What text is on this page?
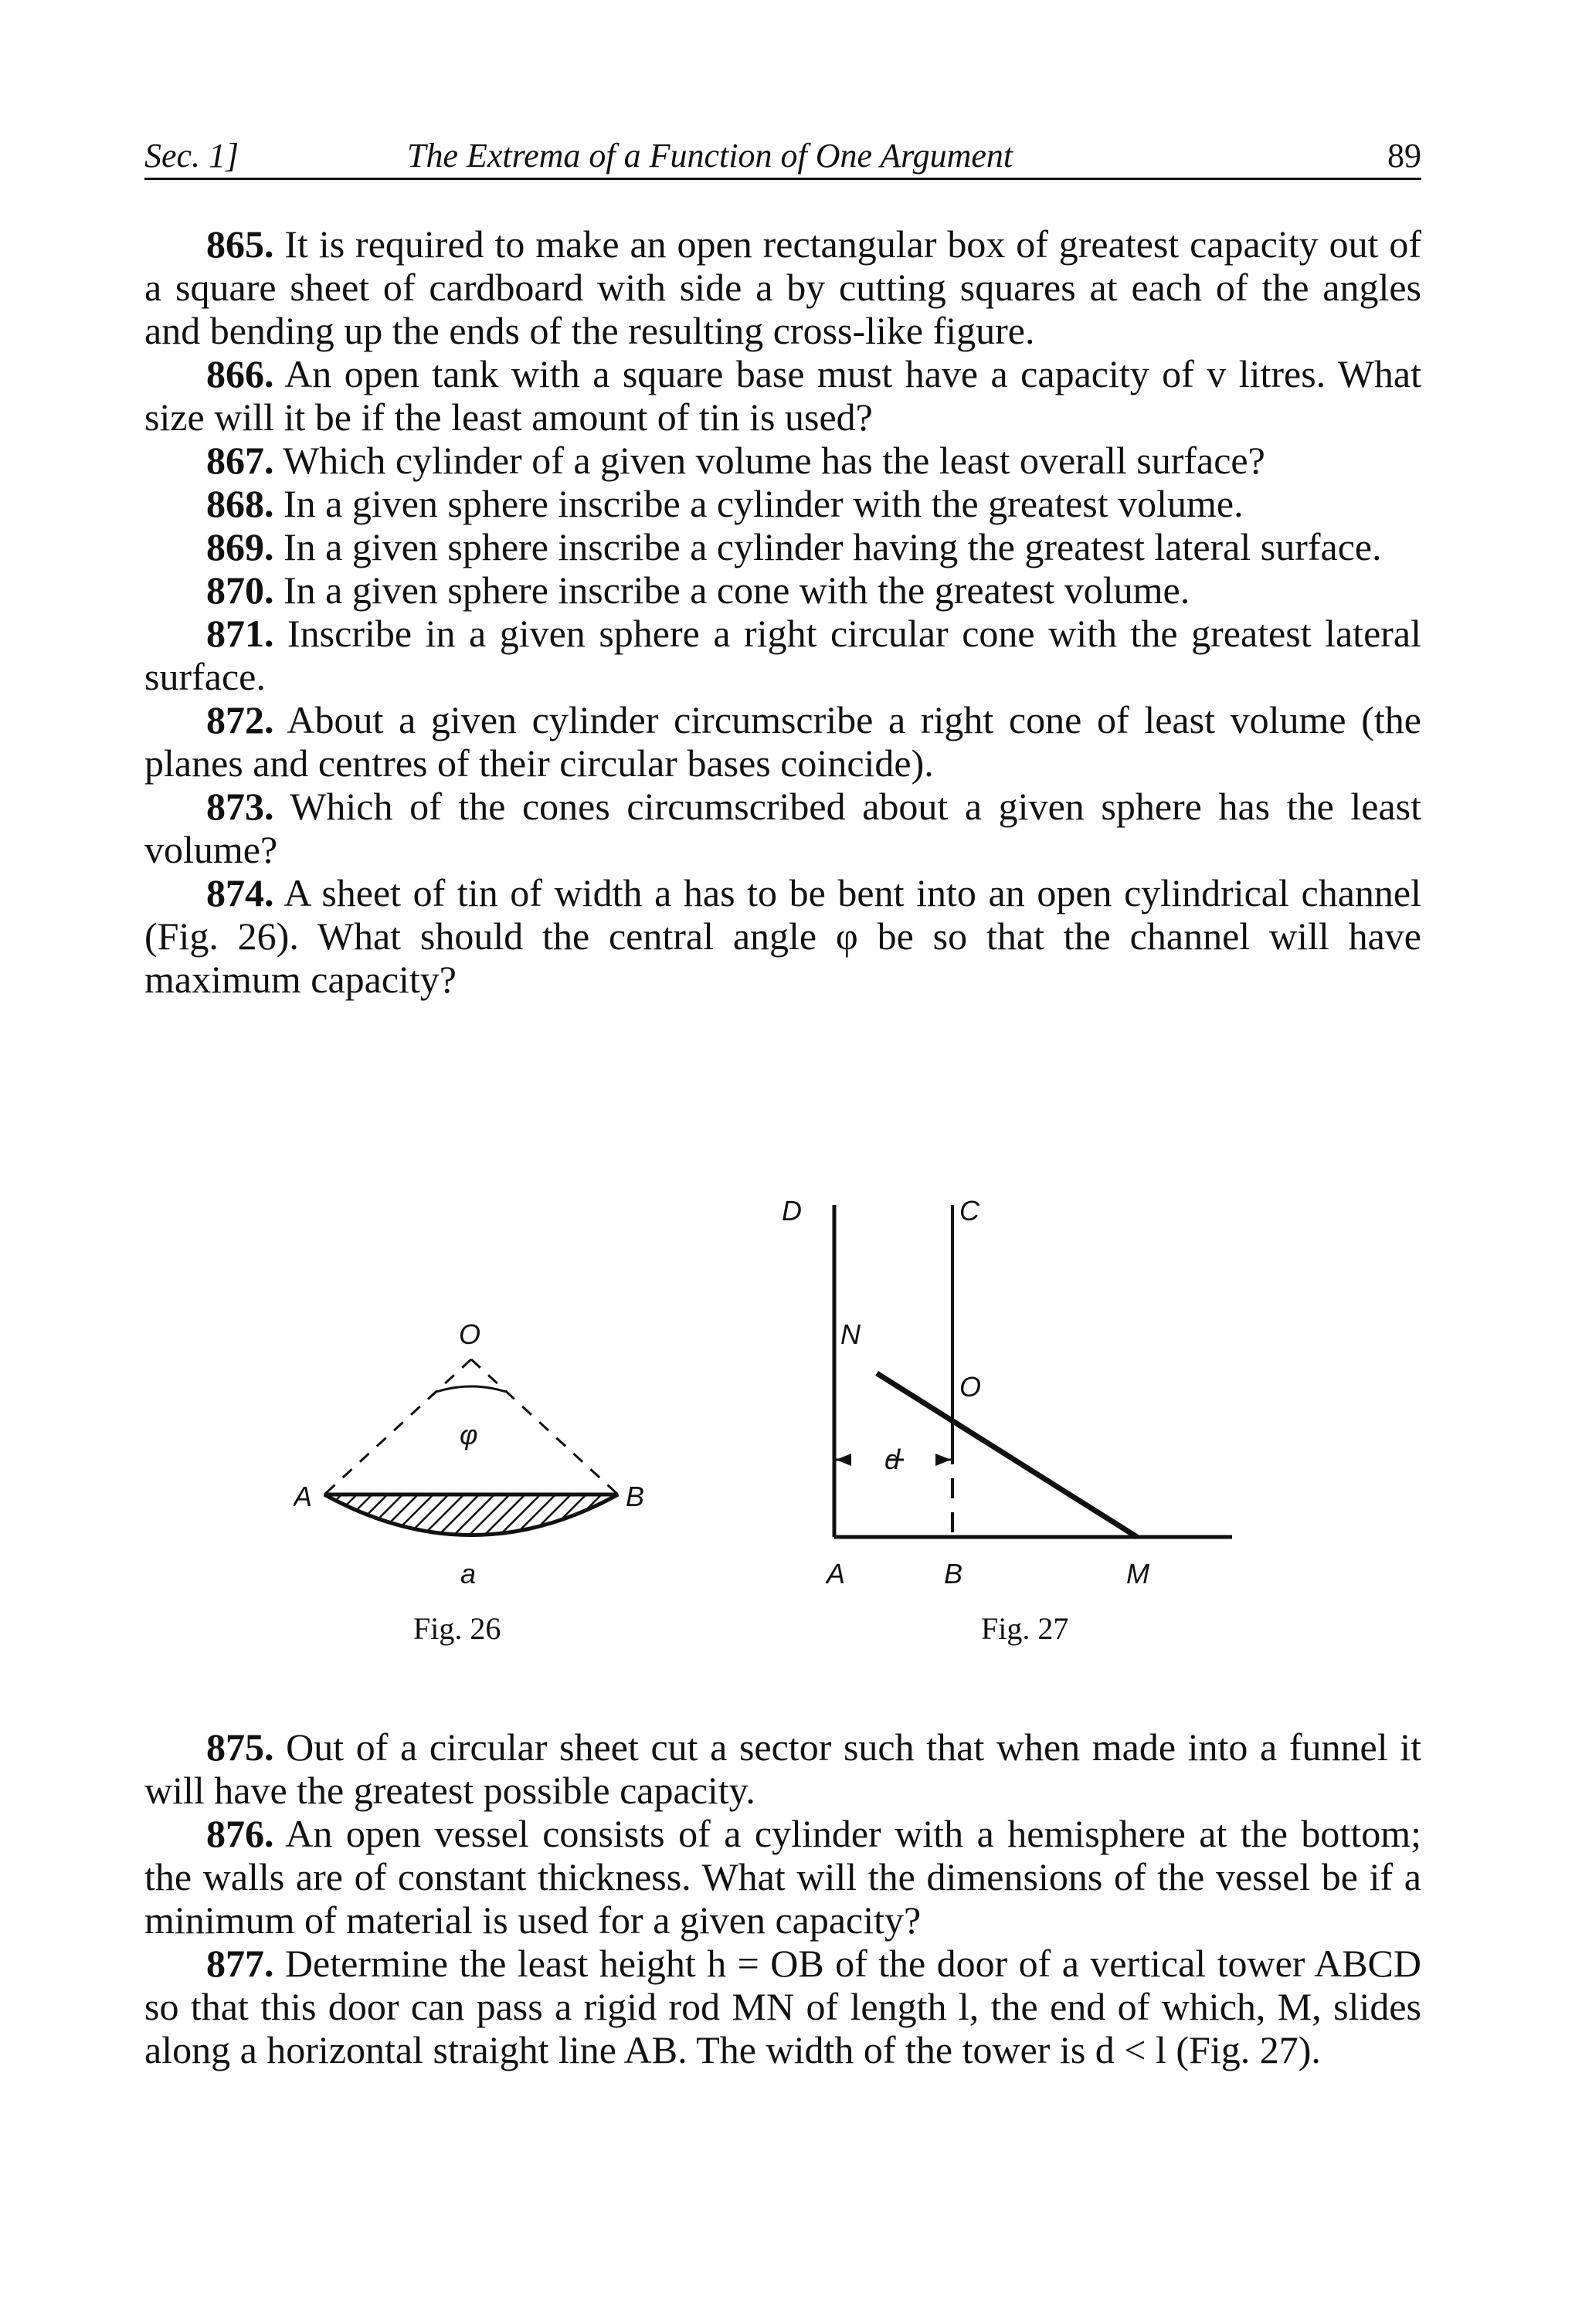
Sec. 1]	The Extrema of a Function of One Argument	89

865. It is required to make an open rectangular box of greatest capacity out of a square sheet of cardboard with side a by cutting squares at each of the angles and bending up the ends of the resulting cross-like figure.

866. An open tank with a square base must have a capacity of v litres. What size will it be if the least amount of tin is used?

867. Which cylinder of a given volume has the least overall surface?

868. In a given sphere inscribe a cylinder with the greatest volume.

869. In a given sphere inscribe a cylinder having the greatest lateral surface.

870. In a given sphere inscribe a cone with the greatest volume.

871. Inscribe in a given sphere a right circular cone with the greatest lateral surface.

872. About a given cylinder circumscribe a right cone of least volume (the planes and centres of their circular bases coincide).

873. Which of the cones circumscribed about a given sphere has the least volume?

874. A sheet of tin of width a has to be bent into an open cylindrical channel (Fig. 26). What should the central angle φ be so that the channel will have maximum capacity?

O
φ
A	B
a
D	C
N
O
d
A	B	M
Fig. 26	Fig. 27

875. Out of a circular sheet cut a sector such that when made into a funnel it will have the greatest possible capacity.

876. An open vessel consists of a cylinder with a hemisphere at the bottom; the walls are of constant thickness. What will the dimensions of the vessel be if a minimum of material is used for a given capacity?

877. Determine the least height h = OB of the door of a vertical tower ABCD so that this door can pass a rigid rod MN of length l, the end of which, M, slides along a horizontal straight line AB. The width of the tower is d < l (Fig. 27).
